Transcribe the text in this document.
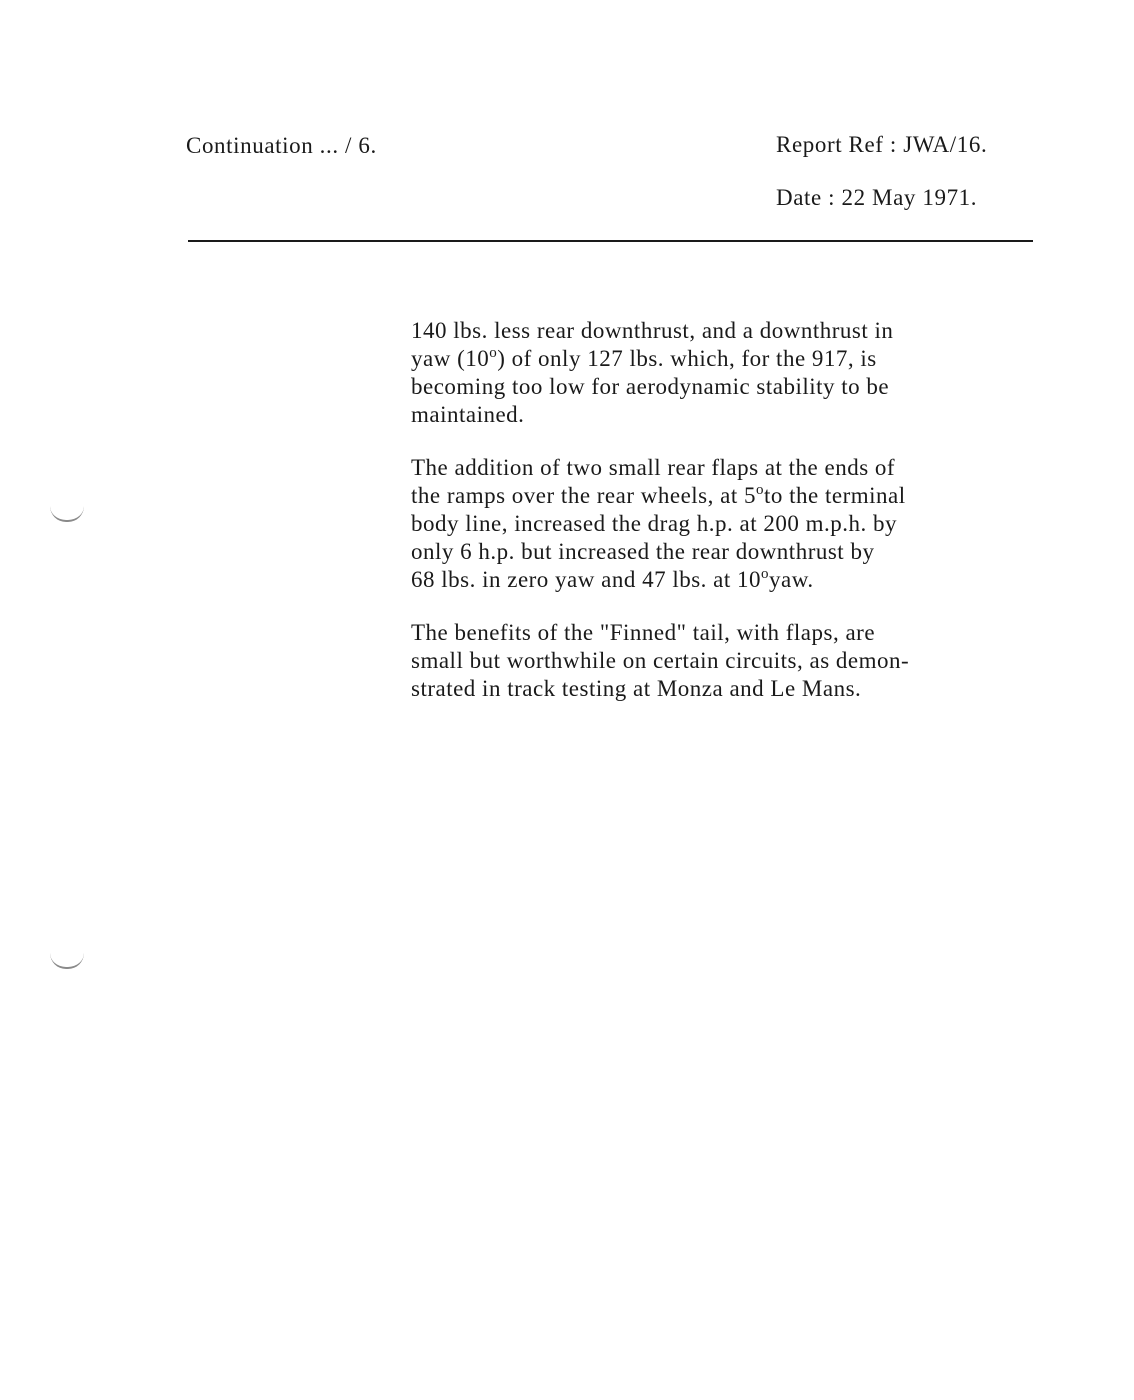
Continuation ... / 6.	Report Ref : JWA/16.
Date : 22 May 1971.
140 lbs. less rear downthrust, and a downthrust in
yaw (10$^o$) of only 127 lbs. which, for the 917, is
becoming too low for aerodynamic stability to be
maintained.
The addition of two small rear flaps at the ends of
the ramps over the rear wheels, at 5$^o$to the terminal
body line, increased the drag h.p. at 200 m.p.h. by
only 6 h.p. but increased the rear downthrust by
68 lbs. in zero yaw and 47 lbs. at 10$^o$yaw.
The benefits of the "Finned" tail, with flaps, are
small but worthwhile on certain circuits, as demon-
strated in track testing at Monza and Le Mans.
